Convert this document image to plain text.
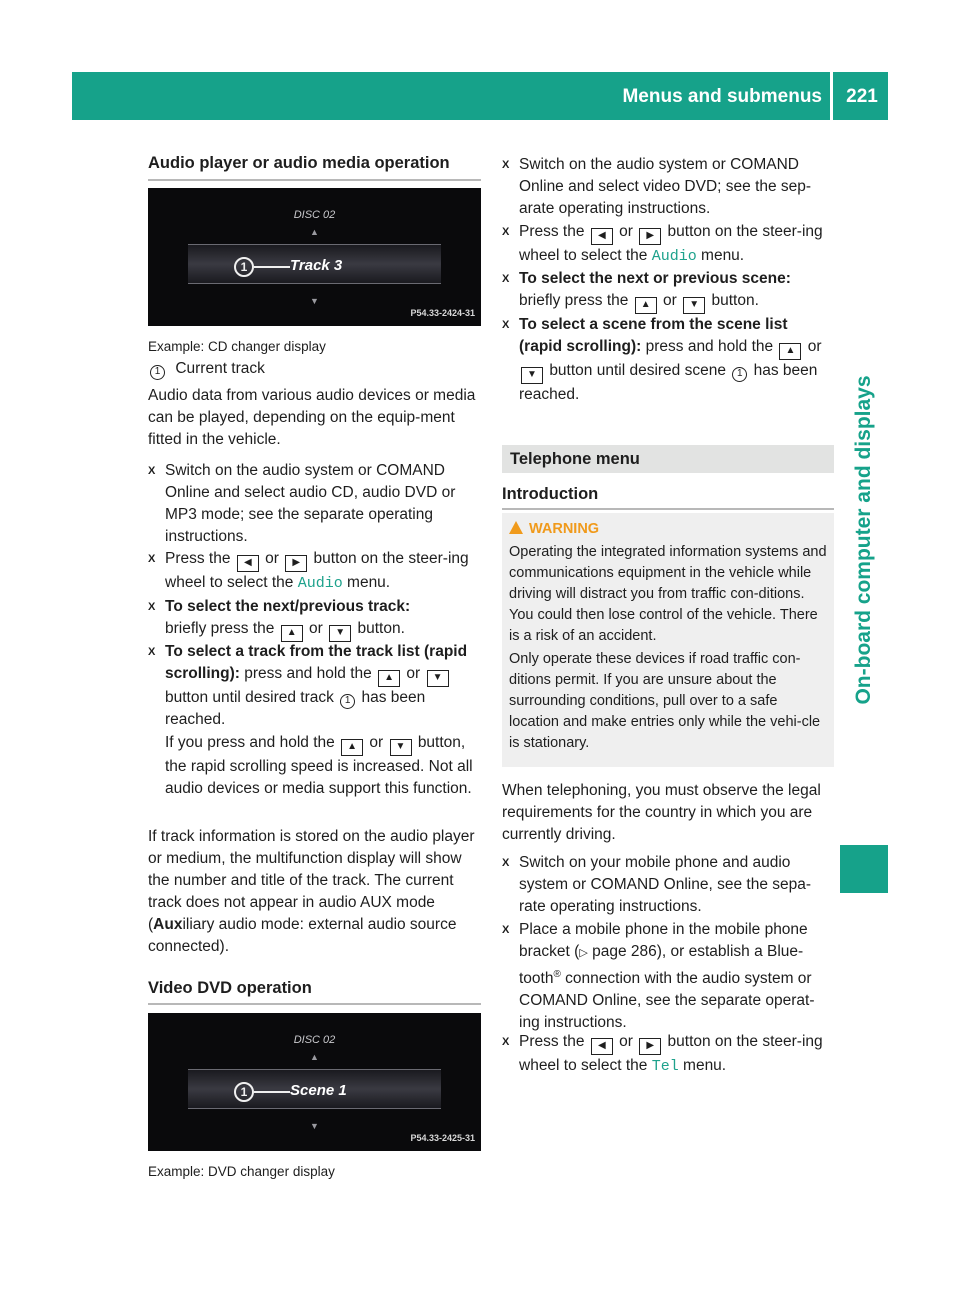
Menus and submenus	221
On-board computer and displays
Audio player or audio media operation
DISC 02
▲
1	Track 3
▼
P54.33-2424-31
Example: CD changer display
1 Current track

Audio data from various audio devices or media can be played, depending on the equip-ment fitted in the vehicle.

X Switch on the audio system or COMAND Online and select audio CD, audio DVD or MP3 mode; see the separate operating instructions.
X Press the ◀ or ▶ button on the steer-ing wheel to select the Audio menu.
X To select the next/previous track:
briefly press the ▲ or ▼ button.
X To select a track from the track list (rapid scrolling): press and hold the ▲ or ▼ button until desired track 1 has been reached.
If you press and hold the ▲ or ▼ button, the rapid scrolling speed is increased. Not all audio devices or media support this function.

If track information is stored on the audio player or medium, the multifunction display will show the number and title of the track. The current track does not appear in audio AUX mode (Auxiliary audio mode: external audio source connected).

Video DVD operation
DISC 02
▲
1	Scene 1
▼
P54.33-2425-31
Example: DVD changer display
X Switch on the audio system or COMAND Online and select video DVD; see the sep-arate operating instructions.
X Press the ◀ or ▶ button on the steer-ing wheel to select the Audio menu.
X To select the next or previous scene:
briefly press the ▲ or ▼ button.
X To select a scene from the scene list (rapid scrolling): press and hold the ▲ or ▼ button until desired scene 1 has been reached.
Telephone menu
Introduction
WARNING

Operating the integrated information systems and communications equipment in the vehicle while driving will distract you from traffic con-ditions. You could then lose control of the vehicle. There is a risk of an accident.

Only operate these devices if road traffic con-ditions permit. If you are unsure about the surrounding conditions, pull over to a safe location and make entries only while the vehi-cle is stationary.

When telephoning, you must observe the legal requirements for the country in which you are currently driving.

X Switch on your mobile phone and audio system or COMAND Online, see the sepa-rate operating instructions.
X Place a mobile phone in the mobile phone bracket (▷ page 286), or establish a Blue-tooth® connection with the audio system or COMAND Online, see the separate operat-ing instructions.
X Press the ◀ or ▶ button on the steer-ing wheel to select the Tel menu.
